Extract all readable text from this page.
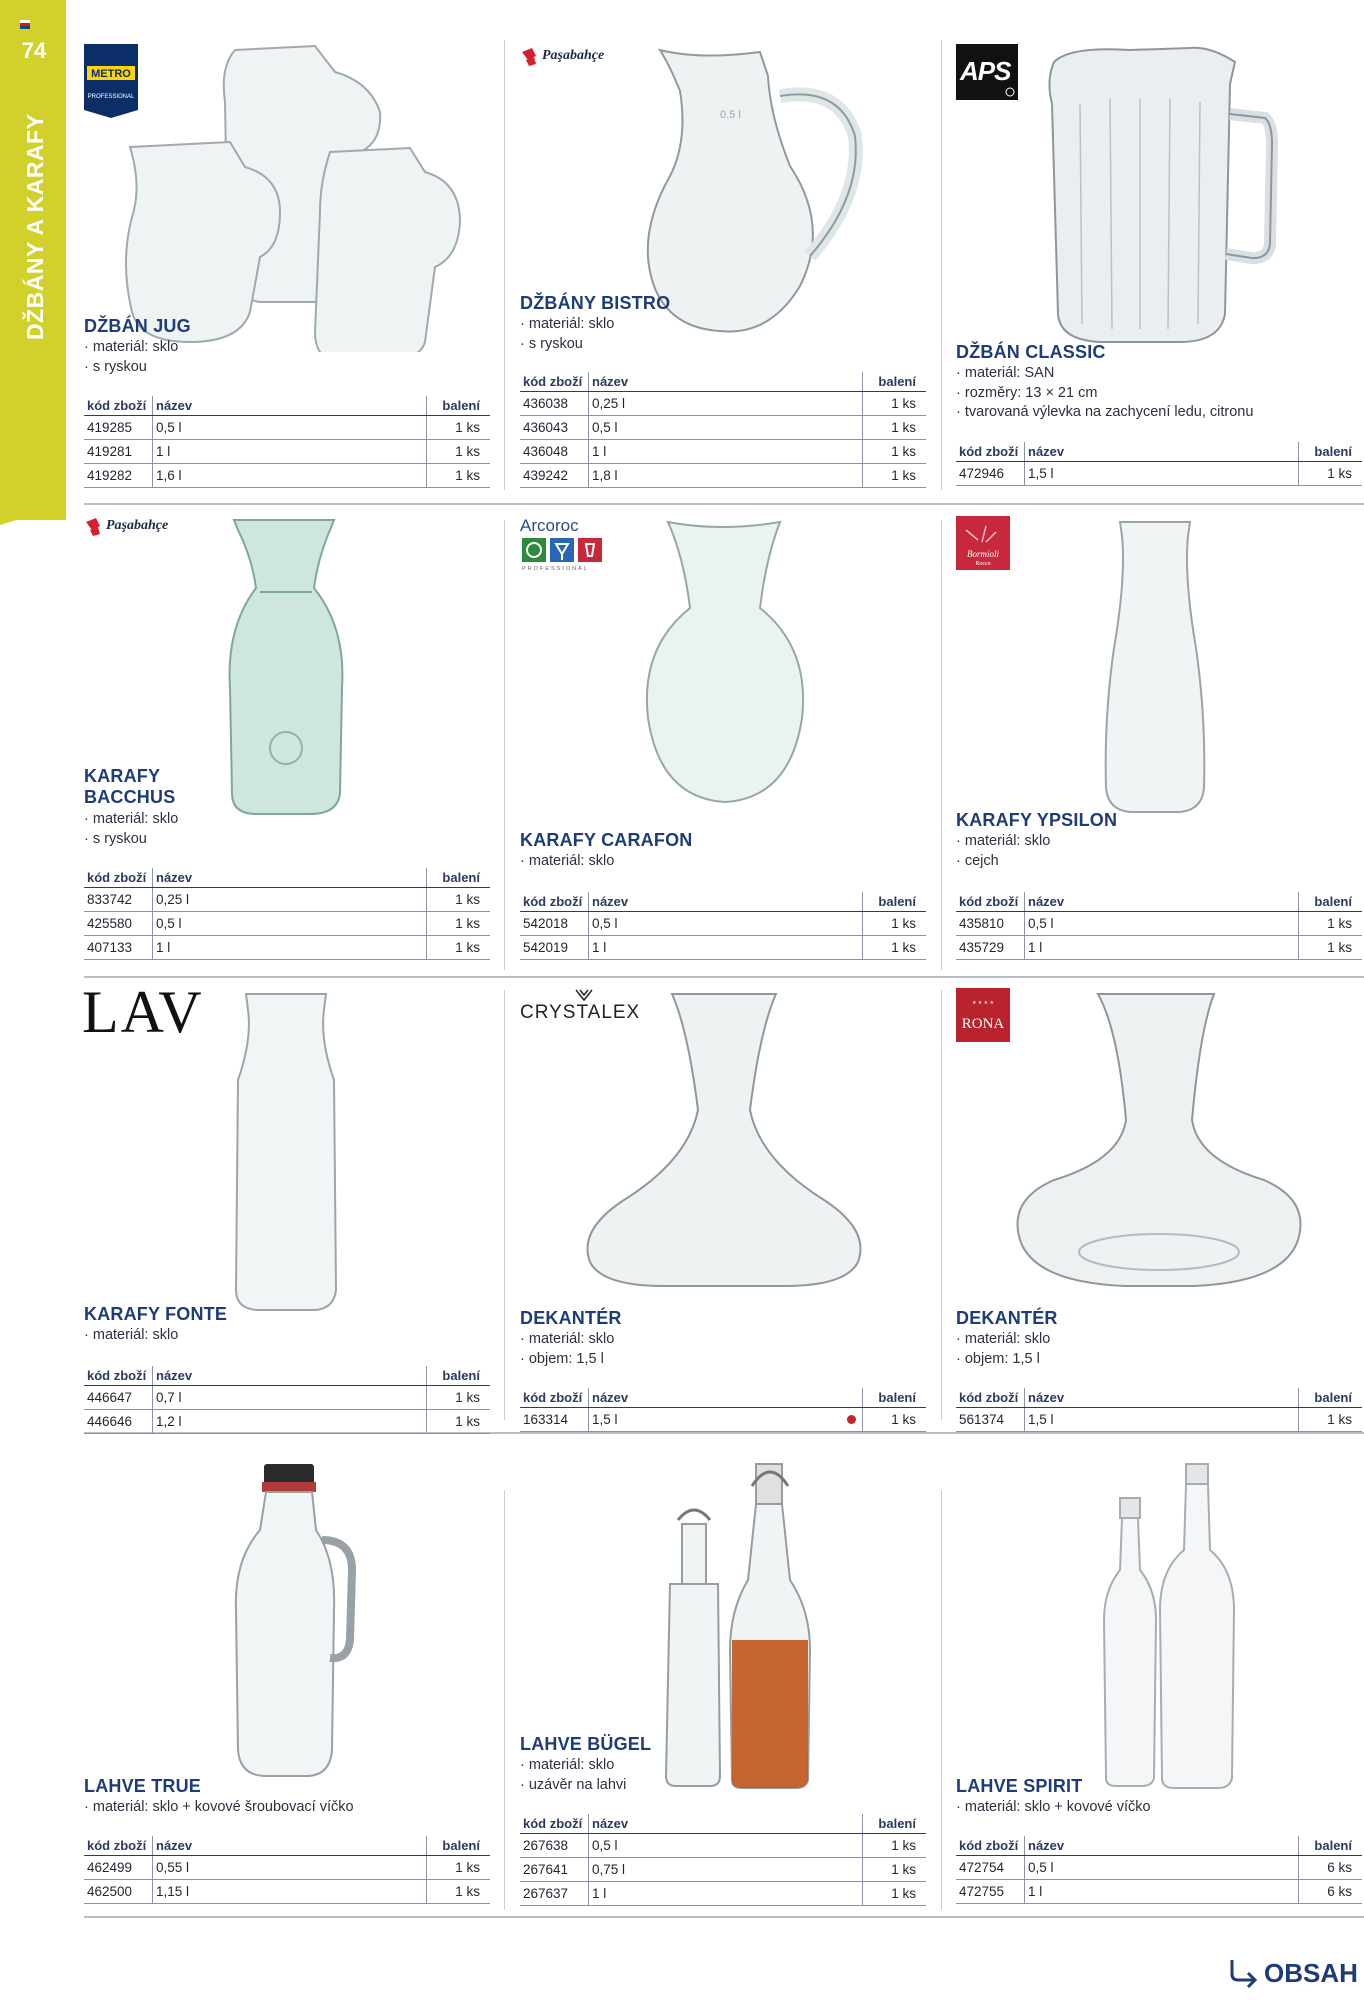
74
DŽBÁNY A KARAFY
METRO
PROFESSIONAL
DŽBÁN JUG
· materiál: sklo
· s ryskou
kód zboží	název	balení
419285	0,5 l	1 ks
419281	1 l	1 ks
419282	1,6 l	1 ks
Paşabahçe
0.5 l
DŽBÁNY BISTRO
· materiál: sklo
· s ryskou
kód zboží	název	balení
436038	0,25 l	1 ks
436043	0,5 l	1 ks
436048	1 l	1 ks
439242	1,8 l	1 ks
APS
DŽBÁN CLASSIC
· materiál: SAN
· rozměry: 13 × 21 cm
· tvarovaná výlevka na zachycení ledu, citronu
kód zboží	název	balení
472946	1,5 l	1 ks
Paşabahçe
KARAFY
BACCHUS
· materiál: sklo
· s ryskou
kód zboží	název	balení
833742	0,25 l	1 ks
425580	0,5 l	1 ks
407133	1 l	1 ks
Arcoroc
PROFESSIONAL
KARAFY CARAFON
· materiál: sklo
kód zboží	název	balení
542018	0,5 l	1 ks
542019	1 l	1 ks
Bormioli
Rocco
KARAFY YPSILON
· materiál: sklo
· cejch
kód zboží	název	balení
435810	0,5 l	1 ks
435729	1 l	1 ks
LAV
KARAFY FONTE
· materiál: sklo
kód zboží	název	balení
446647	0,7 l	1 ks
446646	1,2 l	1 ks
CRYSTALEX
DEKANTÉR
· materiál: sklo
· objem: 1,5 l
kód zboží	název	balení
163314	1,5 l	1 ks
★ ★ ★ ★
RONA
DEKANTÉR
· materiál: sklo
· objem: 1,5 l
kód zboží	název	balení
561374	1,5 l	1 ks
LAHVE TRUE
· materiál: sklo + kovové šroubovací víčko
kód zboží	název	balení
462499	0,55 l	1 ks
462500	1,15 l	1 ks
LAHVE BÜGEL
· materiál: sklo
· uzávěr na lahvi
kód zboží	název	balení
267638	0,5 l	1 ks
267641	0,75 l	1 ks
267637	1 l	1 ks
LAHVE SPIRIT
· materiál: sklo + kovové víčko
kód zboží	název	balení
472754	0,5 l	6 ks
472755	1 l	6 ks
OBSAH
